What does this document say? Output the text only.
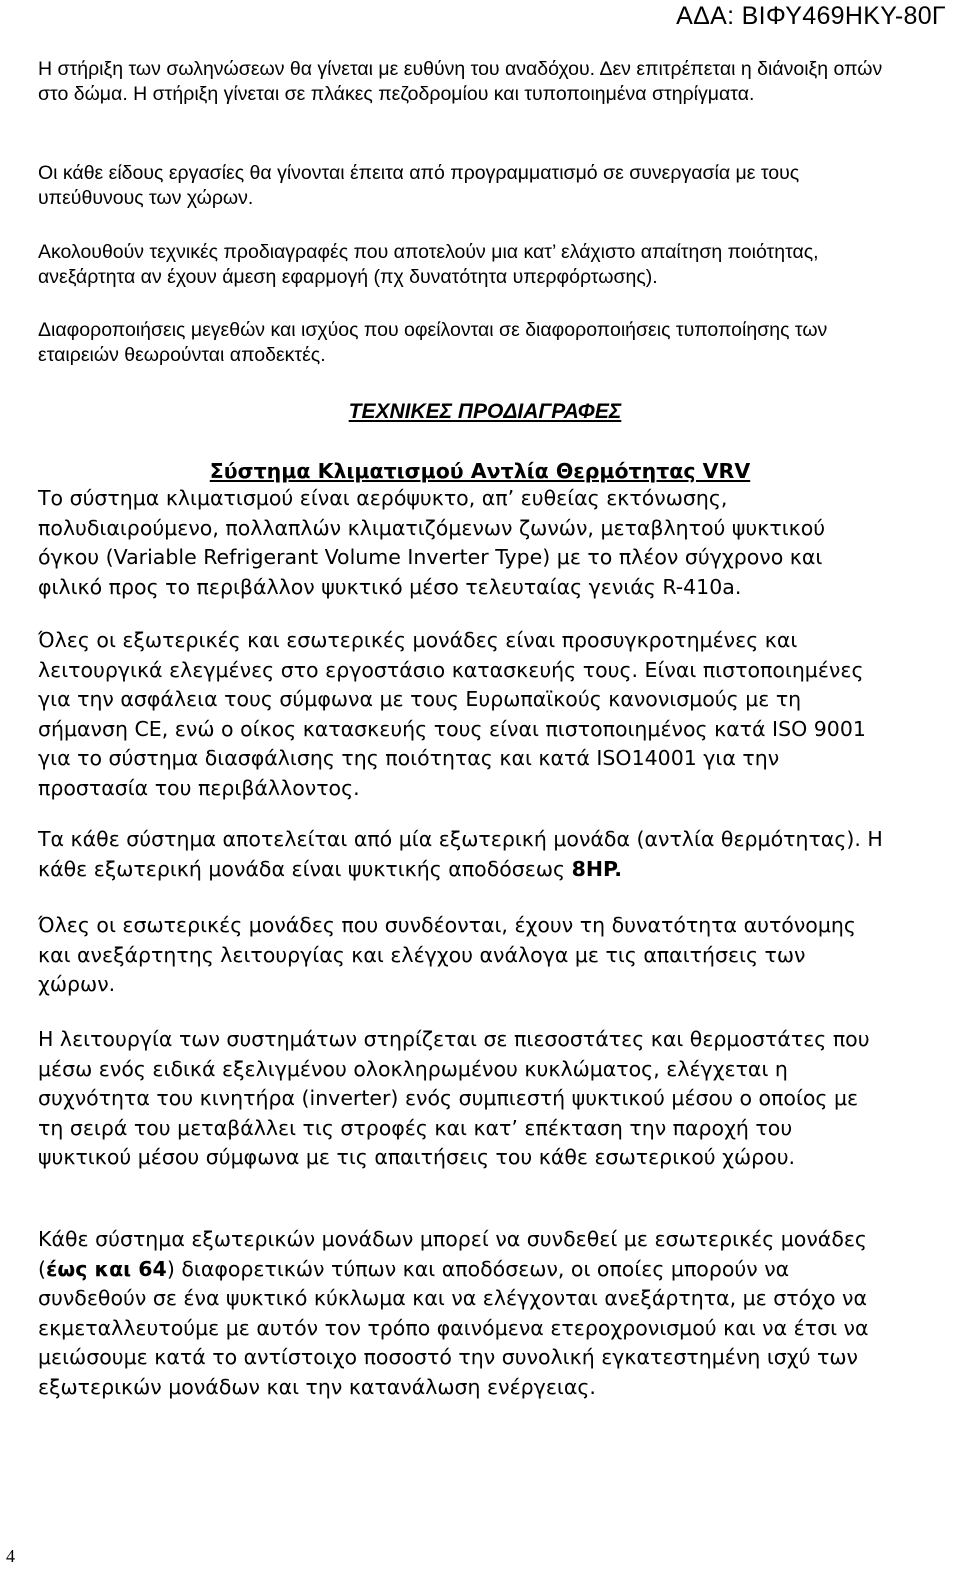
ΑΔΑ: ΒΙΦΥ469ΗΚΥ-80Γ

Η στήριξη των σωληνώσεων θα γίνεται με ευθύνη του αναδόχου. Δεν επιτρέπεται η διάνοιξη οπών στο δώμα. Η στήριξη γίνεται σε πλάκες πεζοδρομίου και τυποποιημένα στηρίγματα.

Οι κάθε είδους εργασίες θα γίνονται έπειτα από προγραμματισμό σε συνεργασία με τους υπεύθυνους των χώρων.

Ακολουθούν τεχνικές προδιαγραφές που αποτελούν μια κατ’ ελάχιστο απαίτηση ποιότητας, ανεξάρτητα αν έχουν άμεση εφαρμογή (πχ δυνατότητα υπερφόρτωσης).

Διαφοροποιήσεις μεγεθών και ισχύος που οφείλονται σε διαφοροποιήσεις τυποποίησης των εταιρειών θεωρούνται αποδεκτές.

ΤΕΧΝΙΚΕΣ ΠΡΟΔΙΑΓΡΑΦΕΣ
Σύστημα Κλιματισμού Αντλία Θερμότητας VRV

Το σύστημα κλιματισμού είναι αερόψυκτο, απ’ ευθείας εκτόνωσης, πολυδιαιρούμενο, πολλαπλών κλιματιζόμενων ζωνών, μεταβλητού ψυκτικού όγκου (Variable Refrigerant Volume Inverter Type) με το πλέον σύγχρονο και φιλικό προς το περιβάλλον ψυκτικό μέσο τελευταίας γενιάς R-410a.

Όλες οι εξωτερικές και εσωτερικές μονάδες είναι προσυγκροτημένες και λειτουργικά ελεγμένες στο εργοστάσιο κατασκευής τους. Είναι πιστοποιημένες για την ασφάλεια τους σύμφωνα με τους Ευρωπαϊκούς κανονισμούς με τη σήμανση CE, ενώ ο οίκος κατασκευής τους είναι πιστοποιημένος κατά ISO 9001 για το σύστημα διασφάλισης της ποιότητας και κατά ISO14001 για την προστασία του περιβάλλοντος.

Τα κάθε σύστημα αποτελείται από μία εξωτερική μονάδα (αντλία θερμότητας). Η κάθε εξωτερική μονάδα είναι ψυκτικής αποδόσεως 8HP.

Όλες οι εσωτερικές μονάδες που συνδέονται, έχουν τη δυνατότητα αυτόνομης και ανεξάρτητης λειτουργίας και ελέγχου ανάλογα με τις απαιτήσεις των χώρων.

Η λειτουργία των συστημάτων στηρίζεται σε πιεσοστάτες και θερμοστάτες που μέσω ενός ειδικά εξελιγμένου ολοκληρωμένου κυκλώματος, ελέγχεται η συχνότητα του κινητήρα (inverter) ενός συμπιεστή ψυκτικού μέσου ο οποίος με τη σειρά του μεταβάλλει τις στροφές και κατ’ επέκταση την παροχή του ψυκτικού μέσου σύμφωνα με τις απαιτήσεις του κάθε εσωτερικού χώρου.

Κάθε σύστημα εξωτερικών μονάδων μπορεί να συνδεθεί με εσωτερικές μονάδες (έως και 64) διαφορετικών τύπων και αποδόσεων, οι οποίες μπορούν να συνδεθούν σε ένα ψυκτικό κύκλωμα και να ελέγχονται ανεξάρτητα, με στόχο να εκμεταλλευτούμε με αυτόν τον τρόπο φαινόμενα ετεροχρονισμού και να έτσι να μειώσουμε κατά το αντίστοιχο ποσοστό την συνολική εγκατεστημένη ισχύ των εξωτερικών μονάδων και την κατανάλωση ενέργειας.

4
